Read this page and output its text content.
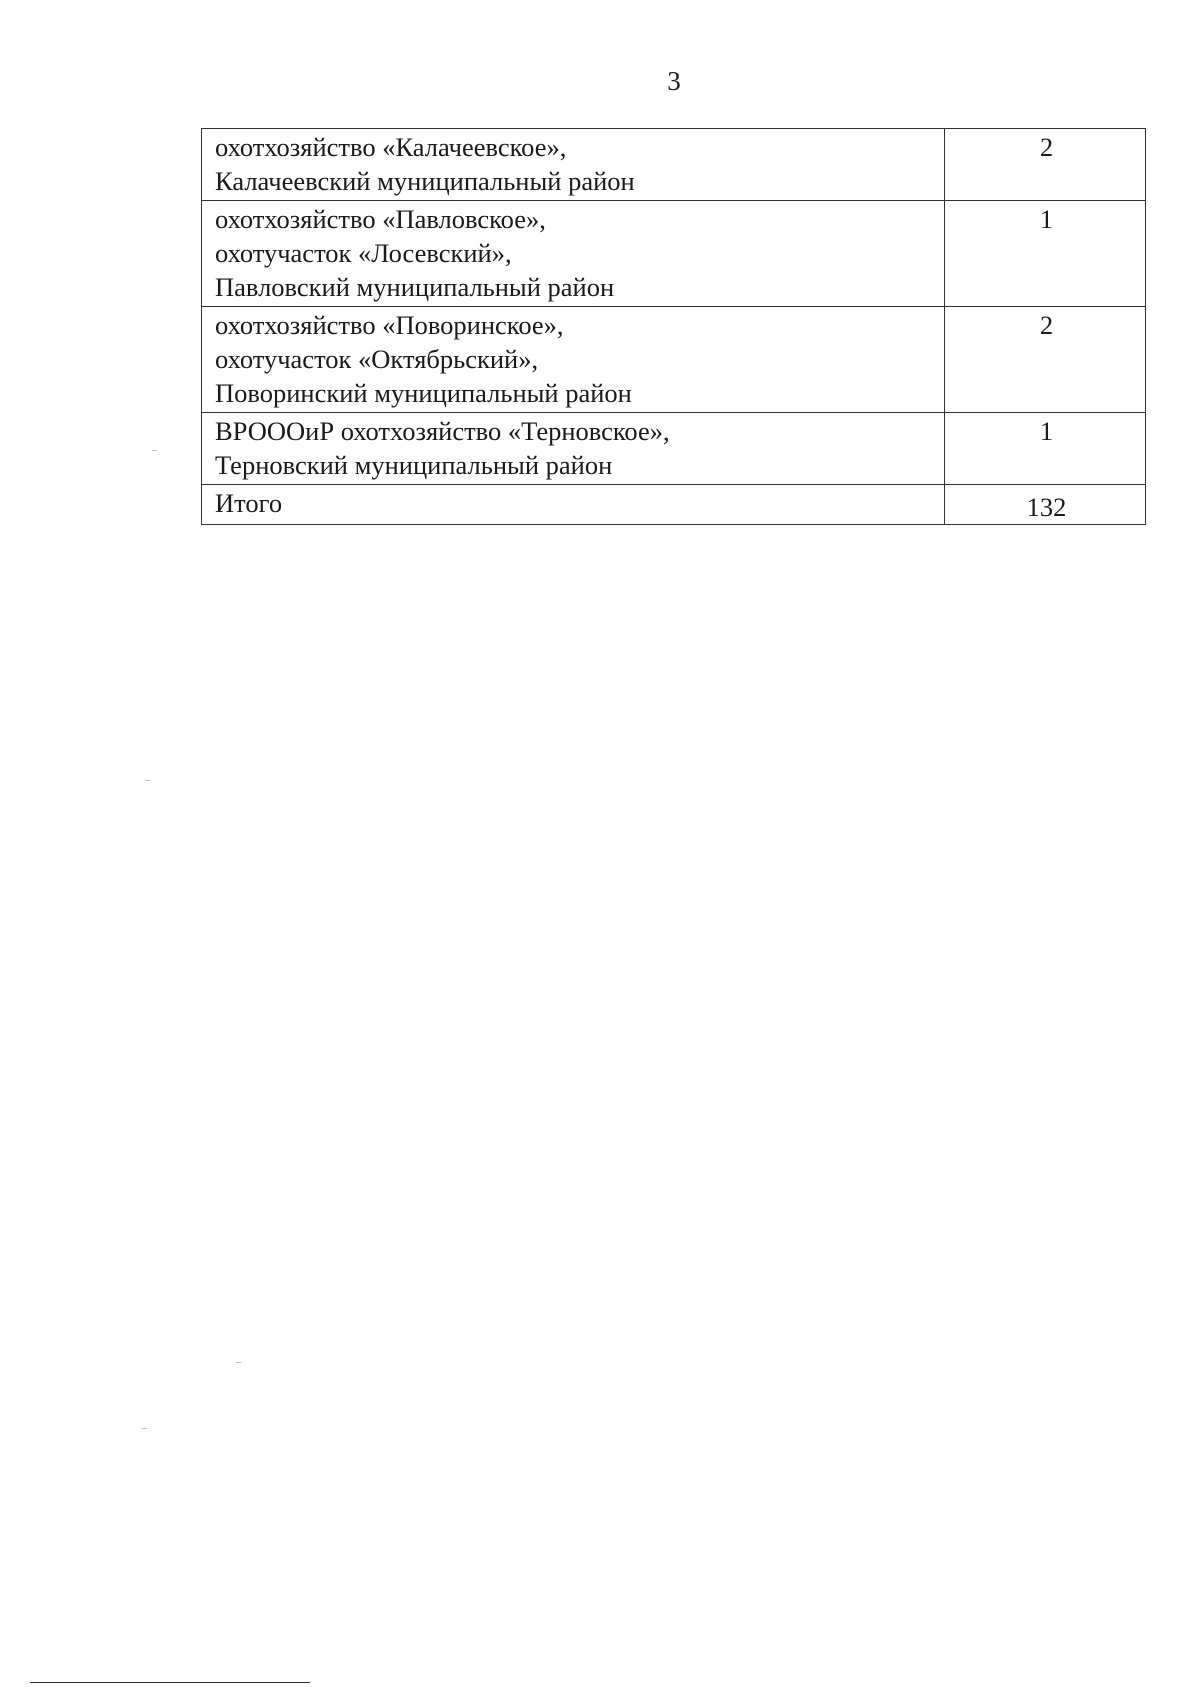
3
охотхозяйство «Калачеевское»,
Калачеевский муниципальный район	2

охотхозяйство «Павловское»,
охотучасток «Лосевский»,
Павловский муниципальный район	1

охотхозяйство «Поворинское»,
охотучасток «Октябрьский»,
Поворинский муниципальный район	2

ВРОООиР охотхозяйство «Терновское»,
Терновский муниципальный район	1
Итого	132
